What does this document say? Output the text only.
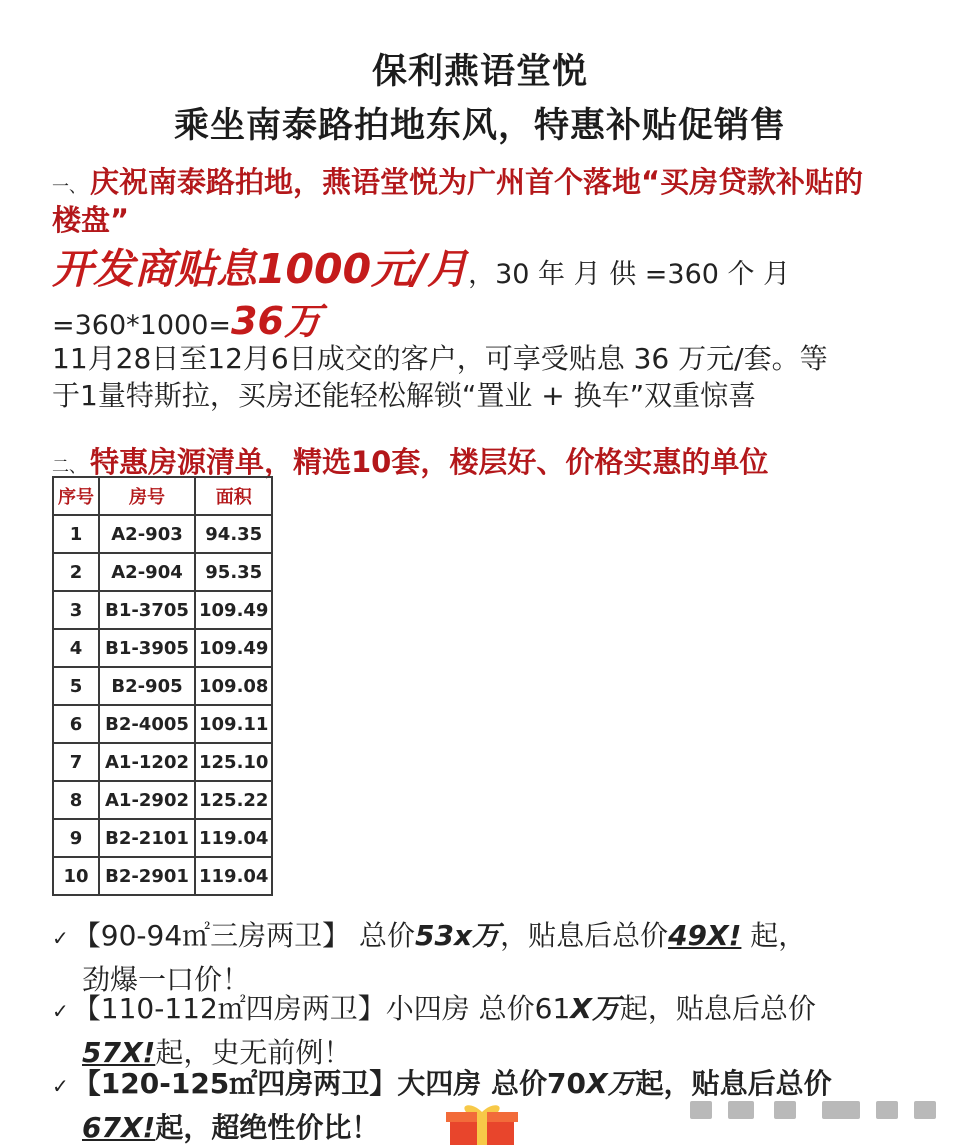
保利燕语堂悦
乘坐南泰路拍地东风，特惠补贴促销售
一、 庆祝南泰路拍地，燕语堂悦为广州首个落地“买房贷款补贴的
楼盘”
开发商贴息1000元/月，30 年 月 供 =360 个 月
=360*1000=36万
11月28日至12月6日成交的客户，可享受贴息 36 万元/套。等
于1量特斯拉，买房还能轻松解锁“置业 + 换车”双重惊喜
二、 特惠房源清单，精选10套，楼层好、价格实惠的单位
序号	房号	面积
1	A2-903	94.35
2	A2-904	95.35
3	B1-3705	109.49
4	B1-3905	109.49
5	B2-905	109.08
6	B2-4005	109.11
7	A1-1202	125.10
8	A1-2902	125.22
9	B2-2101	119.04
10	B2-2901	119.04
✓ 【90-94㎡三房两卫】 总价53x万，贴息后总价49X! 起，
劲爆一口价！
✓ 【110-112㎡四房两卫】小四房 总价61X万起，贴息后总价
57X!起，史无前例！
✓ 【120-125㎡四房两卫】大四房 总价70X万起，贴息后总价
67X!起，超绝性价比！
